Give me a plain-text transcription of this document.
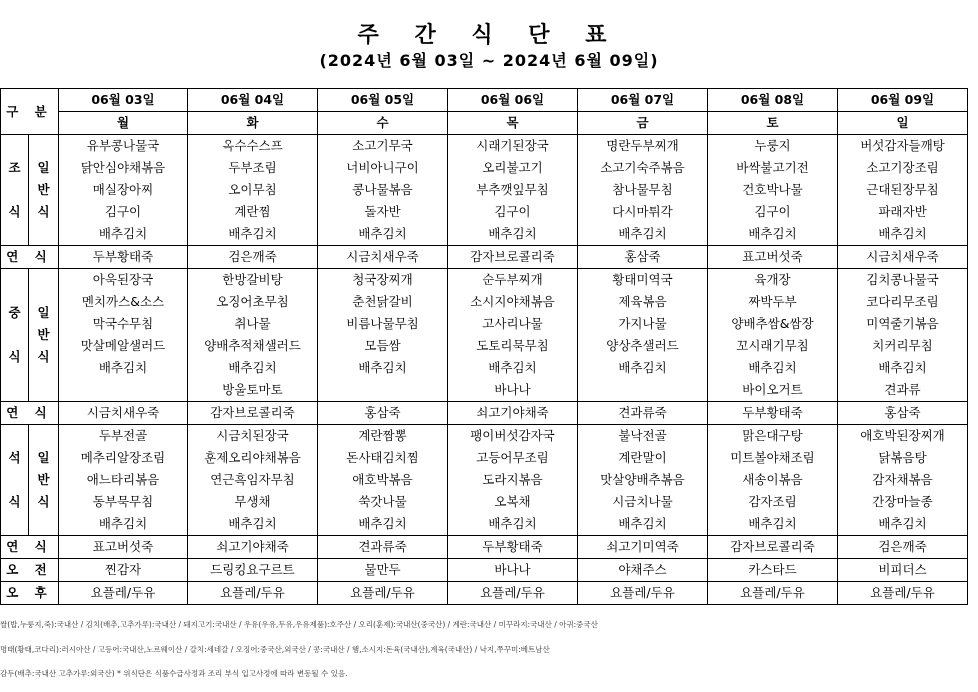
주 간 식 단 표
(2024년 6월 03일 ~ 2024년 6월 09일)
구 분		06월 03일	06월 04일	06월 05일	06월 06일	06월 07일	06월 08일	06월 09일
		월	화	수	목	금	토	일
조

식	일
반
식	유부콩나물국	옥수수스프	소고기무국	시래기된장국	명란두부찌개	누룽지	버섯감자들깨탕
		닭안심야채볶음	두부조림	너비아니구이	오리불고기	소고기숙주볶음	바싹불고기전	소고기장조림
		매실장아찌	오이무침	콩나물볶음	부추깻잎무침	참나물무침	건호박나물	근대된장무침
		김구이	계란찜	돌자반	김구이	다시마튀각	김구이	파래자반
		배추김치	배추김치	배추김치	배추김치	배추김치	배추김치	배추김치
연 식		두부황태죽	검은깨죽	시금치새우죽	감자브로콜리죽	홍삼죽	표고버섯죽	시금치새우죽
중

식	일
반
식	아욱된장국	한방갈비탕	청국장찌개	순두부찌개	황태미역국	육개장	김치콩나물국
		멘치까스&소스	오징어초무침	춘천닭갈비	소시지야채볶음	제육볶음	짜박두부	코다리무조림
		막국수무침	취나물	비름나물무침	고사리나물	가지나물	양배추쌈&쌈장	미역줄기볶음
		맛살메알샐러드	양배추적채샐러드	모듬쌈	도토리묵무침	양상추샐러드	꼬시래기무침	치커리무침
		배추김치	배추김치	배추김치	배추김치	배추김치	배추김치	배추김치
			방울토마토		바나나		바이오거트	견과류
연 식		시금치새우죽	감자브로콜리죽	홍삼죽	쇠고기야채죽	견과류죽	두부황태죽	홍삼죽
석

식	일
반
식	두부전골	시금치된장국	계란짬뽕	팽이버섯감자국	불낙전골	맑은대구탕	애호박된장찌개
		메추리알장조림	훈제오리야채볶음	돈사태김치찜	고등어무조림	계란말이	미트볼야채조림	닭볶음탕
		애느타리볶음	연근흑임자무침	애호박볶음	도라지볶음	맛살양배추볶음	새송이볶음	감자채볶음
		동부묵무침	무생채	쑥갓나물	오복채	시금치나물	감자조림	간장마늘종
		배추김치	배추김치	배추김치	배추김치	배추김치	배추김치	배추김치
연 식		표고버섯죽	쇠고기야채죽	견과류죽	두부황태죽	쇠고기미역죽	감자브로콜리죽	검은깨죽
오 전		찐감자	드링킹요구르트	물만두	바나나	야채주스	카스타드	비피더스
오 후		요플레/두유	요플레/두유	요플레/두유	요플레/두유	요플레/두유	요플레/두유	요플레/두유
쌀(밥,누룽지,죽):국내산 / 김치(배추,고추가루):국내산 / 돼지고기:국내산 / 우유(우유,두유,우유제품):호주산 / 오리(훈제):국내산(중국산) / 계란:국내산 / 미꾸라지:국내산 / 아귀:중국산
명태(황태,코다리):러시아산 / 고등어:국내산,노르웨이산 / 갈치:세네갈 / 오징어:중국산,외국산 / 콩:국내산 / 햄,소시지:돈육(국내산),계육(국내산) / 낙지,쭈꾸미:베트남산
감두(배추:국내산 고추가루:외국산) * 위식단은 식품수급사정과 조리 부식 입고사정에 따라 변동될 수 있음.
